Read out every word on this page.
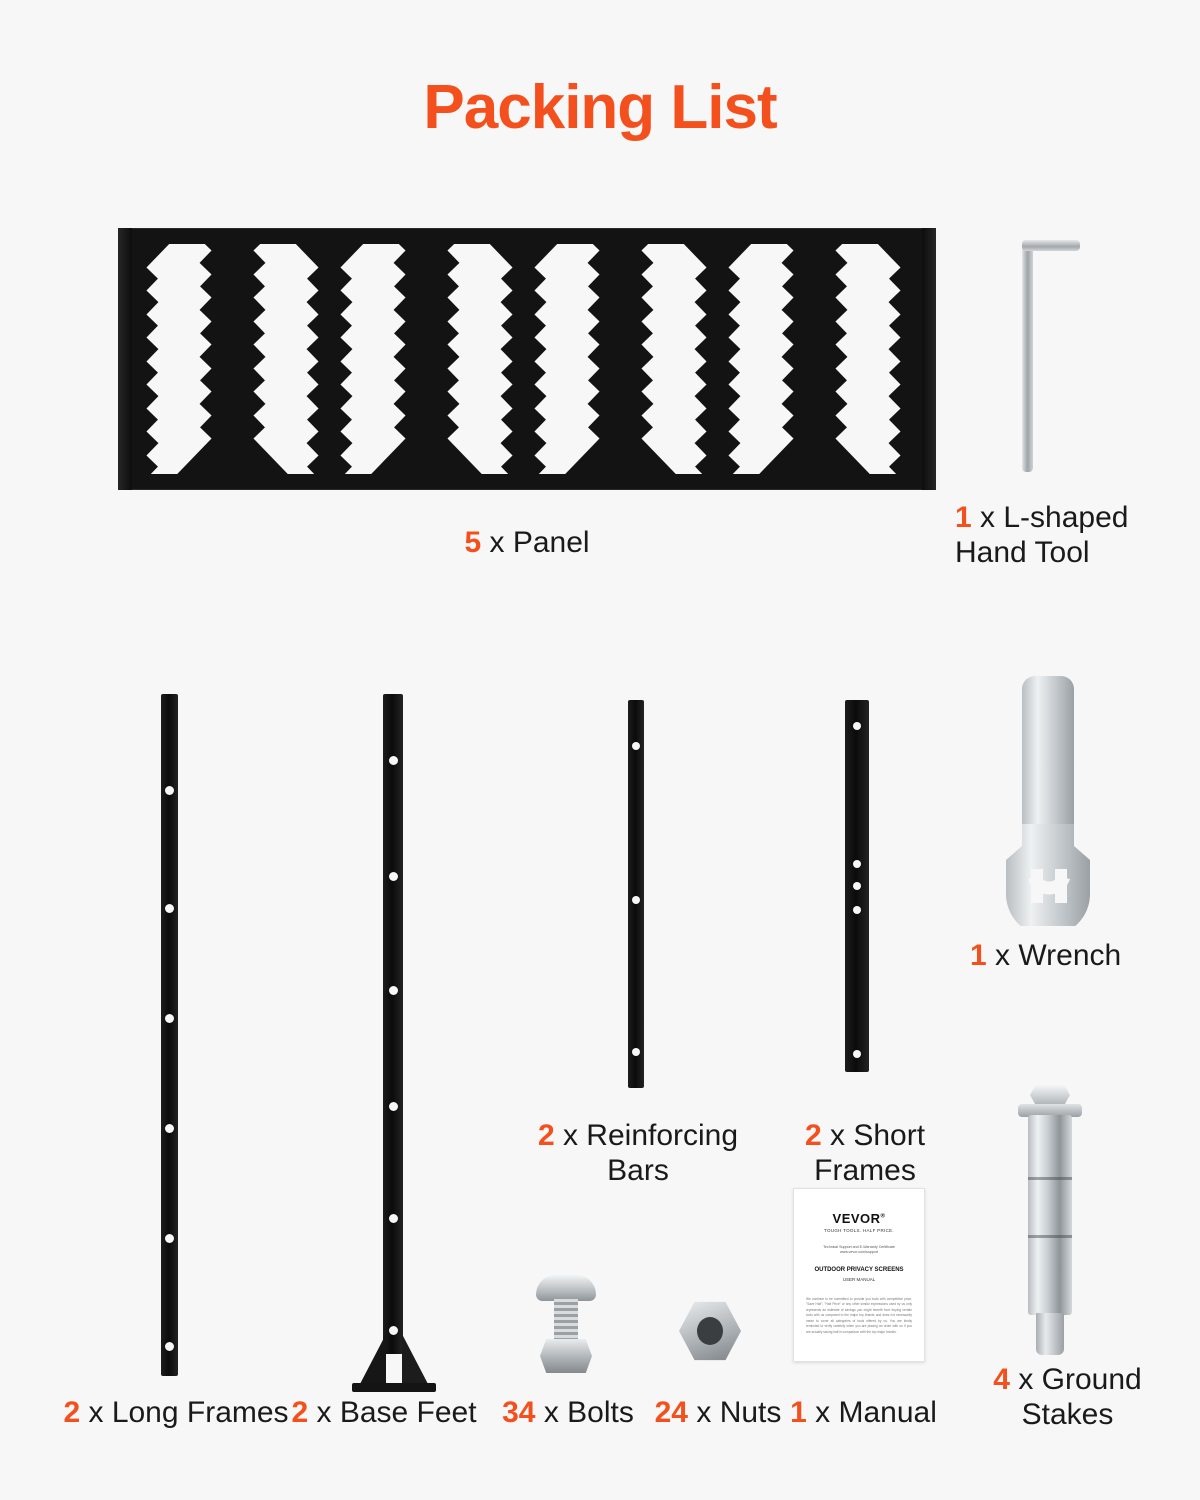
Packing List
5 x Panel
1 x L-shaped
Hand Tool
2 x Reinforcing
Bars
2 x Short
Frames
1 x Wrench
VEVOR®
TOUGH TOOLS. HALF PRICE.
Technical Support and E-Warranty Certificate www.vevor.com/support
OUTDOOR PRIVACY SCREENS
USER MANUAL
We continue to be committed to provide you tools with competitive price. "Save Half", "Half Price" or any other similar expressions used by us only represents an estimate of savings you might benefit from buying certain tools with us compared to the major top brands and does not necessarily mean to cover all categories of tools offered by us. You are kindly reminded to verify carefully when you are placing an order with us if you are actually saving half in comparison with the top major brands.
2 x Long Frames 2 x Base Feet 34 x Bolts 24 x Nuts 1 x Manual
4 x Ground
Stakes
